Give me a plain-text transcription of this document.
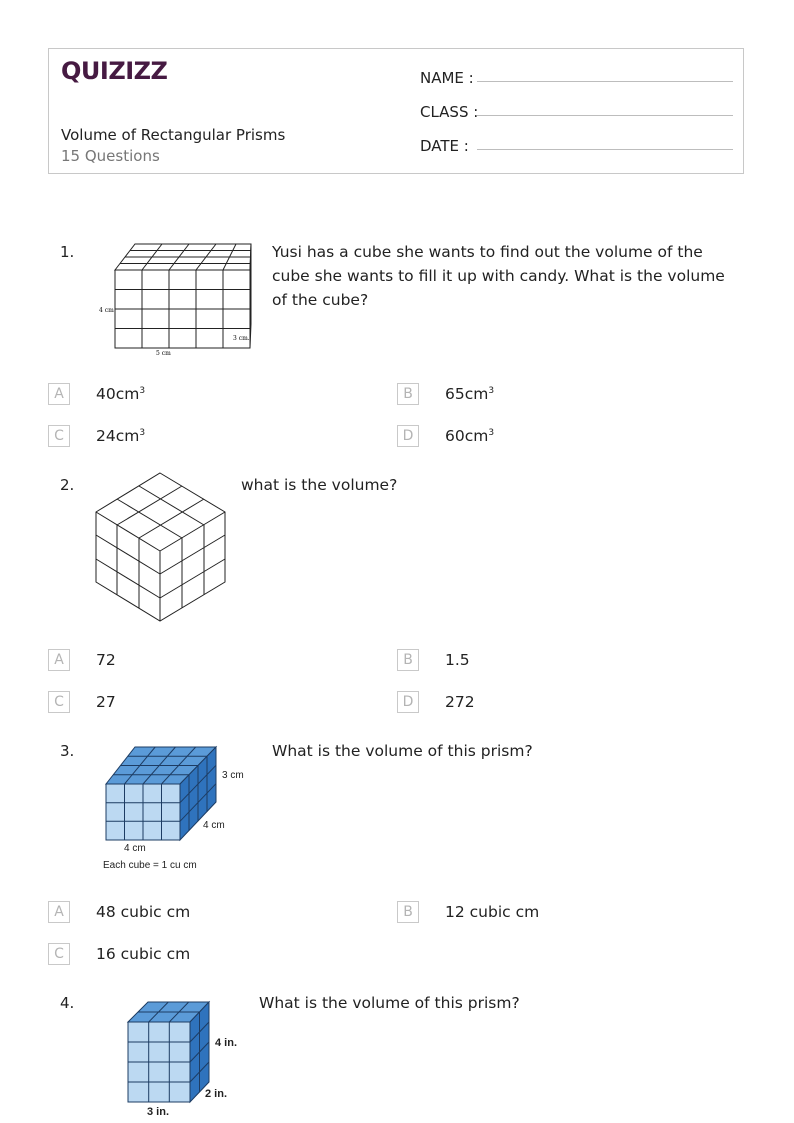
QUIZIZZ
Volume of Rectangular Prisms
15 Questions
NAME :
CLASS :
DATE :
1.
4 cm
5 cm
3 cm.
Yusi has a cube she wants to find out the volume of the cube she wants to fill it up with candy. What is the volume of the cube?
A	$40cm^3$	B	$65cm^3$
C	$24cm^3$	D	$60cm^3$
2.	what is the volume?
A	72	B	1.5
C	27	D	272
3.
3 cm
4 cm
4 cm
Each cube = 1 cu cm
What is the volume of this prism?
A	48 cubic cm	B	12 cubic cm
C	16 cubic cm
4.
4 in.
2 in.
3 in.
What is the volume of this prism?
